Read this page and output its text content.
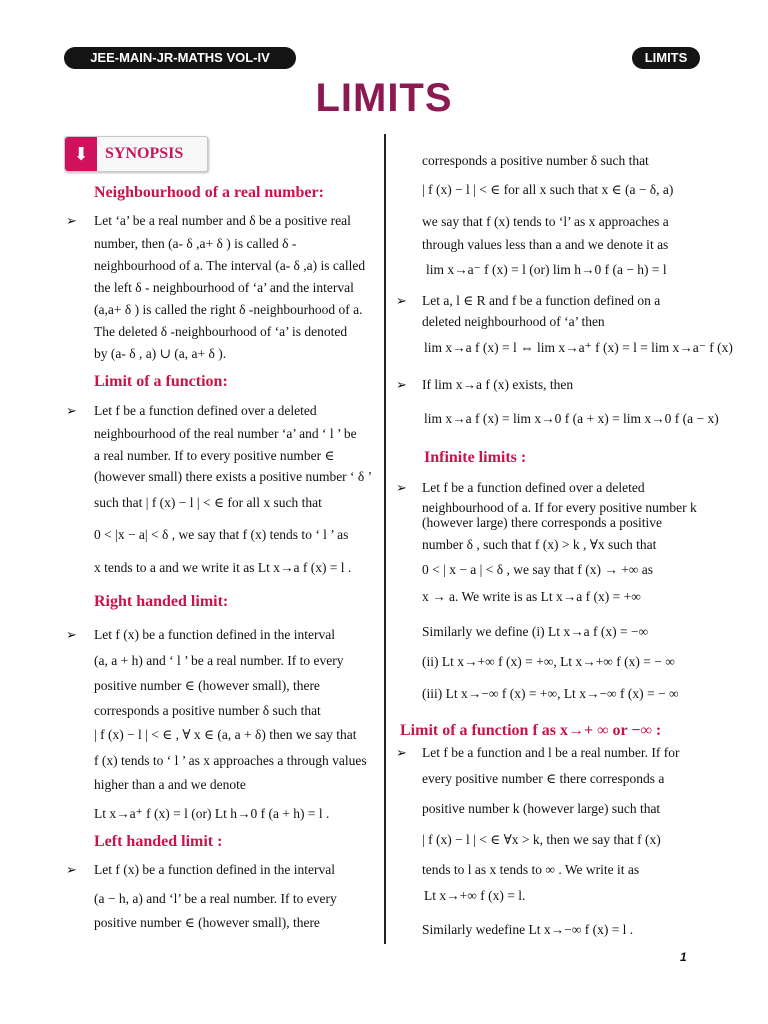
JEE-MAIN-JR-MATHS VOL-IV	LIMITS
LIMITS
⬇	SYNOPSIS
Neighbourhood of a real number:
➢ Let ‘a’ be a real number and δ be a positive real
number, then (a- δ ,a+ δ ) is called δ -
neighbourhood of a. The interval (a- δ ,a) is called
the left δ - neighbourhood of ‘a’ and the interval
(a,a+ δ ) is called the right δ -neighbourhood of a.
The deleted δ -neighbourhood of ‘a’ is denoted
by (a- δ , a) ∪ (a, a+ δ ).
Limit of a function:
➢ Let f be a function defined over a deleted
neighbourhood of the real number ‘a’ and ‘ l ’ be
a real number. If to every positive number ∈
(however small) there exists a positive number ‘ δ ’
such that | f (x) − l | < ∈ for all x such that
0 < |x − a| < δ , we say that f (x) tends to ‘ l ’ as
x tends to a and we write it as Lt x→a f (x) = l .
Right handed limit:
➢ Let f (x) be a function defined in the interval
(a, a + h) and ‘ l ’ be a real number. If to every
positive number ∈ (however small), there
corresponds a positive number δ such that
| f (x) − l | < ∈ , ∀ x ∈ (a, a + δ) then we say that
f (x) tends to ‘ l ’ as x approaches a through values
higher than a and we denote
Lt x→a⁺ f (x) = l (or) Lt h→0 f (a + h) = l .
Left handed limit :
➢ Let f (x) be a function defined in the interval
(a − h, a) and ‘l’ be a real number. If to every
positive number ∈ (however small), there
corresponds a positive number δ such that
| f (x) − l | < ∈ for all x such that x ∈ (a − δ, a)
we say that f (x) tends to ‘l’ as x approaches a
through values less than a and we denote it as
lim x→a⁻ f (x) = l (or) lim h→0 f (a − h) = l
➢ Let a, l ∈ R and f be a function defined on a
deleted neighbourhood of ‘a’ then
lim x→a f (x) = l ⇔ lim x→a⁺ f (x) = l = lim x→a⁻ f (x)
➢ If lim x→a f (x) exists, then
lim x→a f (x) = lim x→0 f (a + x) = lim x→0 f (a − x)
Infinite limits :
➢ Let f be a function defined over a deleted
neighbourhood of a. If for every positive number k
(however large) there corresponds a positive
number δ , such that f (x) > k , ∀x such that
0 < | x − a | < δ , we say that f (x) → +∞ as
x → a. We write is as Lt x→a f (x) = +∞
Similarly we define (i) Lt x→a f (x) = −∞
(ii) Lt x→+∞ f (x) = +∞, Lt x→+∞ f (x) = − ∞
(iii) Lt x→−∞ f (x) = +∞, Lt x→−∞ f (x) = − ∞
Limit of a function f as x→+ ∞ or −∞ :
➢ Let f be a function and l be a real number. If for
every positive number ∈ there corresponds a
positive number k (however large) such that
| f (x) − l | < ∈ ∀x > k, then we say that f (x)
tends to l as x tends to ∞ . We write it as
Lt x→+∞ f (x) = l.
Similarly wedefine Lt x→−∞ f (x) = l .
1
